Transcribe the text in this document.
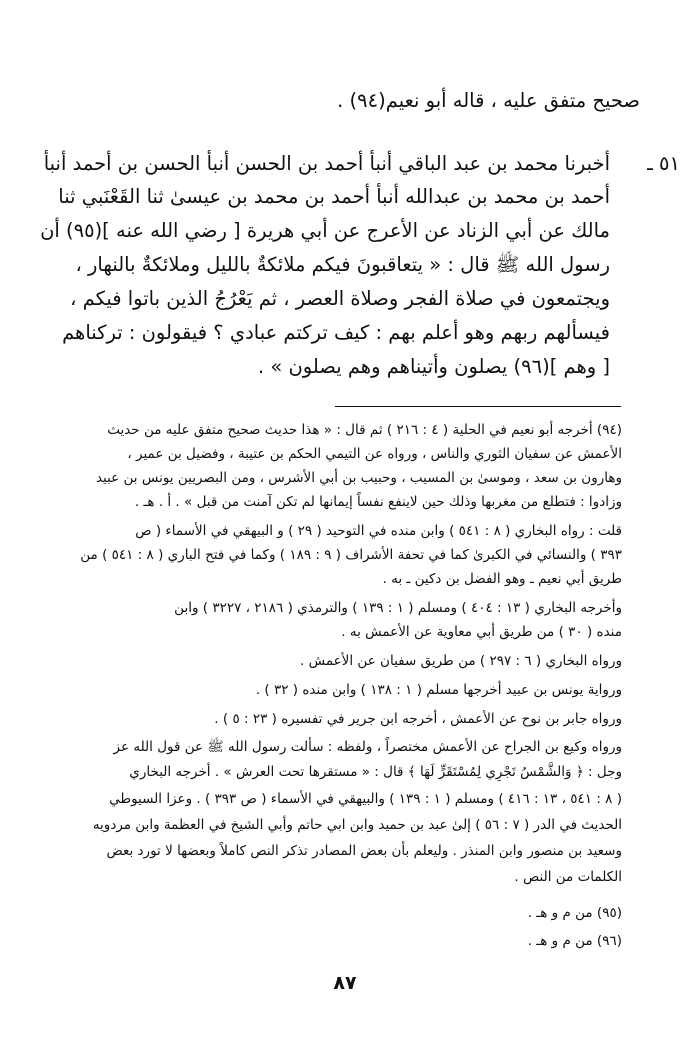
صحيح متفق عليه ، قاله أبو نعيم(٩٤) .
٥١ ـ
أخبرنا محمد بن عبد الباقي أنبأ أحمد بن الحسن أنبأ الحسن بن أحمد أنبأ
أحمد بن محمد بن عبدالله أنبأ أحمد بن محمد بن عيسىٰ ثنا القَعْنَبي ثنا
مالك عن أبي الزناد عن الأعرج عن أبي هريرة [ رضي الله عنه ](٩٥) أن
رسول الله ﷺ قال : « يتعاقبونَ فيكم ملائكةٌ بالليل وملائكةٌ بالنهار ،
ويجتمعون في صلاة الفجر وصلاة العصر ، ثم يَعْرُجُ الذين باتوا فيكم ،
فيسألهم ربهم وهو أعلم بهم : كيف تركتم عبادي ؟ فيقولون : تركناهم
[ وهم ](٩٦) يصلون وأتيناهم وهم يصلون » .
(٩٤) أخرجه أبو نعيم في الحلية ( ٤ : ٢١٦ ) ثم قال : « هذا حديث صحيح متفق عليه من حديث
الأعمش عن سفيان الثوري والناس ، ورواه عن التيمي الحكم بن عتيبة ، وفضيل بن عمير ،
وهارون بن سعد ، وموسىٰ بن المسيب ، وحبيب بن أبي الأشرس ، ومن البصريين يونس بن عبيد
وزادوا : فتطلع من مغربها وذلك حين لاينفع نفساً إيمانها لم تكن آمنت من قبل » . أ . هـ .
قلت : رواه البخاري ( ٨ : ٥٤١ ) وابن منده في التوحيد ( ٢٩ ) و البيهقي في الأسماء ( ص
٣٩٣ ) والنسائي في الكبرىٰ كما في تحفة الأشراف ( ٩ : ١٨٩ ) وكما في فتح الباري ( ٨ : ٥٤١ ) من
طريق أبي نعيم ـ وهو الفضل بن دكين ـ به .
وأخرجه البخاري ( ١٣ : ٤٠٤ ) ومسلم ( ١ : ١٣٩ ) والترمذي ( ٢١٨٦ ، ٣٢٢٧ ) وابن
منده ( ٣٠ ) من طريق أبي معاوية عن الأعمش به .
ورواه البخاري ( ٦ : ٢٩٧ ) من طريق سفيان عن الأعمش .
ورواية يونس بن عبيد أخرجها مسلم ( ١ : ١٣٨ ) وابن منده ( ٣٢ ) .
ورواه جابر بن نوح عن الأعمش ، أخرجه ابن جرير في تفسيره ( ٢٣ : ٥ ) .
ورواه وكيع بن الجراح عن الأعمش مختصراً ، ولفظه : سألت رسول الله ﷺ عن قول الله عز
وجل : ﴿ وَالشَّمْسُ تَجْرِي لِمُسْتَقَرٍّ لَهَا ﴾ قال : « مستقرها تحت العرش » . أخرجه البخاري
( ٨ : ٥٤١ ، ١٣ : ٤١٦ ) ومسلم ( ١ : ١٣٩ ) والبيهقي في الأسماء ( ص ٣٩٣ ) . وعزا السيوطي
الحديث في الدر ( ٧ : ٥٦ ) إلىٰ عبد بن حميد وابن ابي حاتم وأبي الشيخ في العظمة وابن مردويه
وسعيد بن منصور وابن المنذر . وليعلم بأن بعض المصادر تذكر النص كاملاً وبعضها لا تورد بعض
الكلمات من النص .
(٩٥) من م و هـ .
(٩٦) من م و هـ .
٨٧
